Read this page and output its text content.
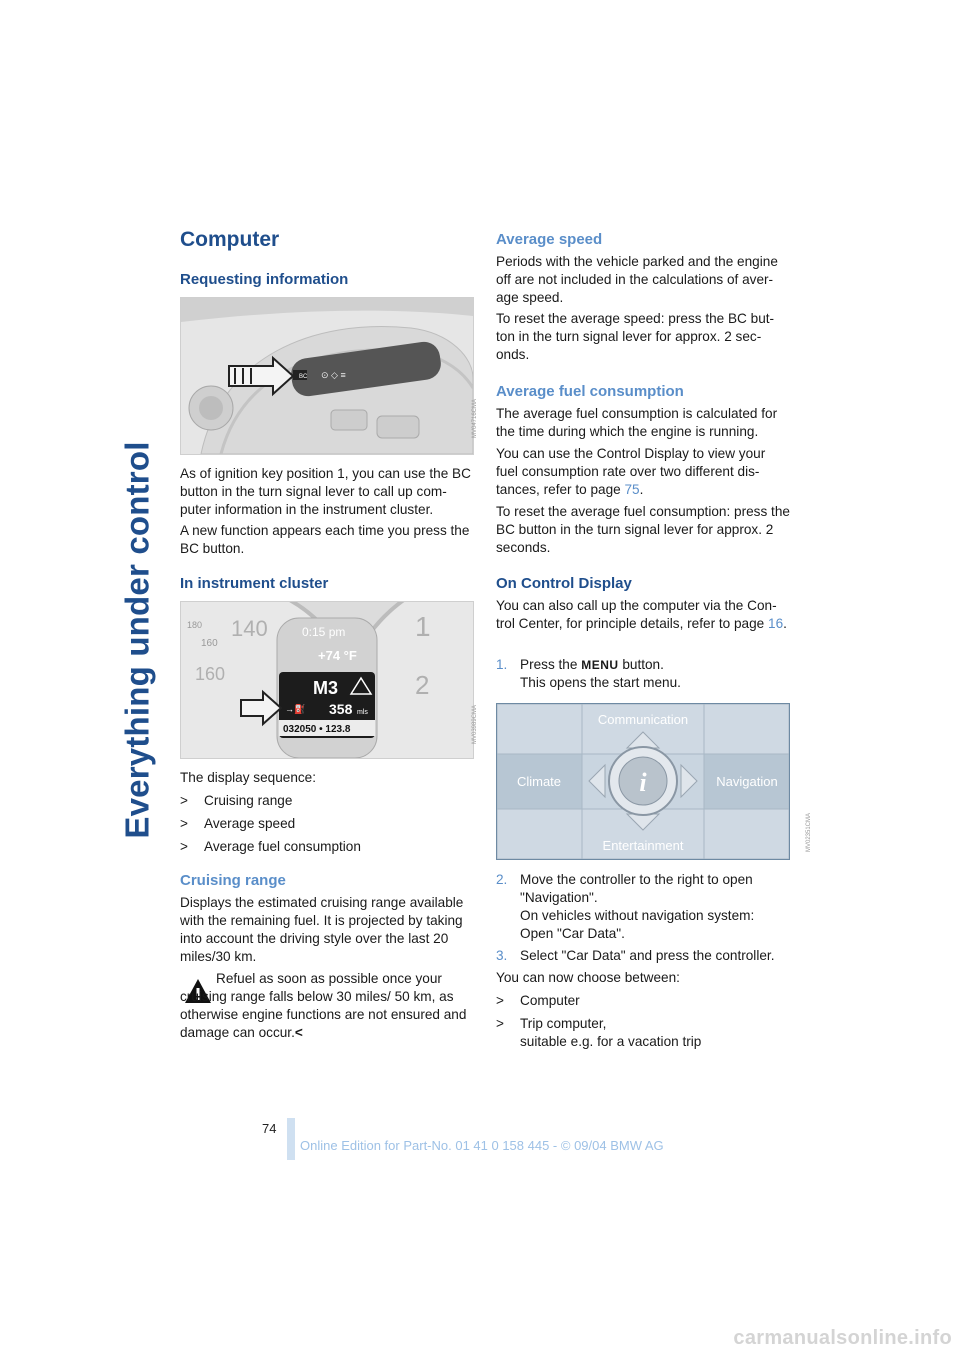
Everything under control
Computer
Requesting information
BC ⊙ ◇ ≡
MV04716CMA

As of ignition key position 1, you can use the BC button in the turn signal lever to call up com-puter information in the instrument cluster.

A new function appears each time you press the BC button.

In instrument cluster
180
160
140
160
1
2
0:15 pm
+74 °F
M3
→⛽ 358 mls
032050 • 123.8	MV03989CMA

The display sequence:

> Cruising range
> Average speed
> Average fuel consumption
Cruising range

Displays the estimated cruising range available with the remaining fuel. It is projected by taking into account the driving style over the last 20 miles/30 km.

Refuel as soon as possible once your cruising range falls below 30 miles/ 50 km, as otherwise engine functions are not ensured and damage can occur.<

Average speed

Periods with the vehicle parked and the engine off are not included in the calculations of aver-age speed.

To reset the average speed: press the BC but-ton in the turn signal lever for approx. 2 sec-onds.

Average fuel consumption

The average fuel consumption is calculated for the time during which the engine is running.

You can use the Control Display to view your fuel consumption rate over two different dis-tances, refer to page 75.

To reset the average fuel consumption: press the BC button in the turn signal lever for approx. 2 seconds.

On Control Display

You can also call up the computer via the Con-trol Center, for principle details, refer to page 16.

1. Press the MENU button.
This opens the start menu.
Communication
Climate	Navigation
Entertainment
i
MV02351CMA
2. Move the controller to the right to open "Navigation".
On vehicles without navigation system: Open "Car Data".
3. Select "Car Data" and press the controller.

You can now choose between:

> Computer
> Trip computer,
suitable e.g. for a vacation trip
74
Online Edition for Part-No. 01 41 0 158 445 - © 09/04 BMW AG
carmanualsonline.info
